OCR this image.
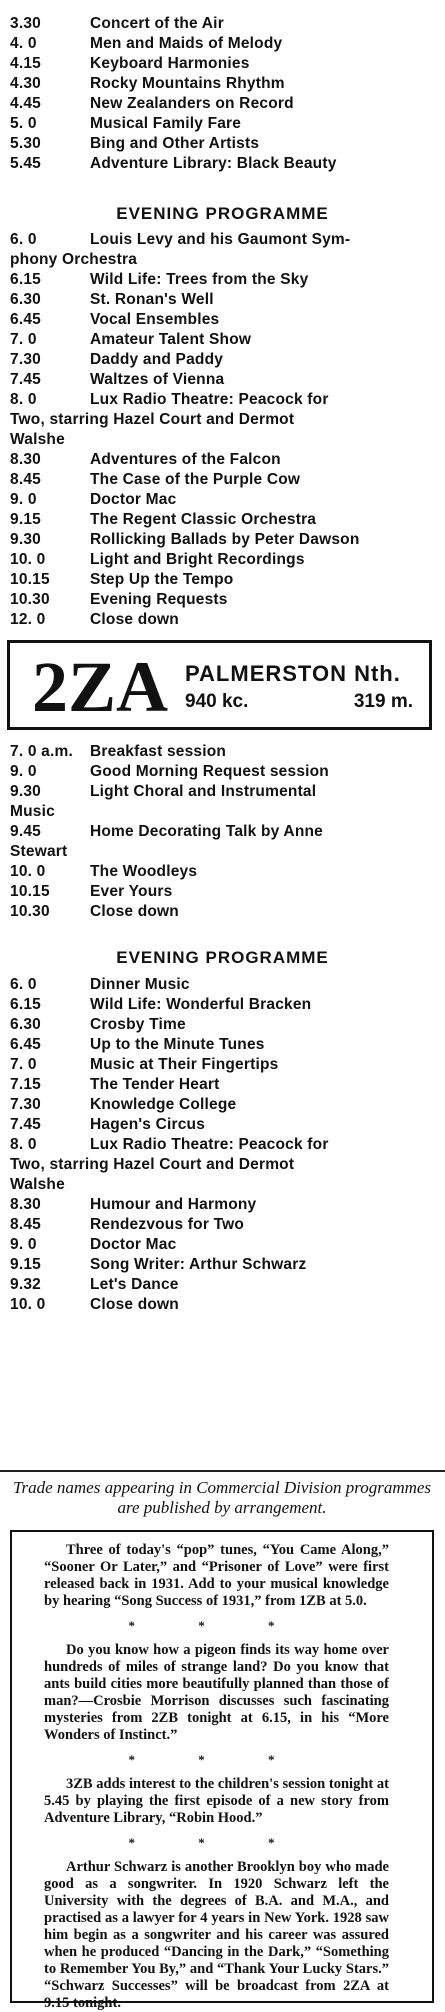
3.30	Concert of the Air
4. 0	Men and Maids of Melody
4.15	Keyboard Harmonies
4.30	Rocky Mountains Rhythm
4.45	New Zealanders on Record
5. 0	Musical Family Fare
5.30	Bing and Other Artists
5.45	Adventure Library: Black Beauty
EVENING PROGRAMME
6. 0	Louis Levy and his Gaumont Sym-
phony Orchestra
6.15	Wild Life: Trees from the Sky
6.30	St. Ronan's Well
6.45	Vocal Ensembles
7. 0	Amateur Talent Show
7.30	Daddy and Paddy
7.45	Waltzes of Vienna
8. 0	Lux Radio Theatre: Peacock for
Two, starring Hazel Court and Dermot
Walshe
8.30	Adventures of the Falcon
8.45	The Case of the Purple Cow
9. 0	Doctor Mac
9.15	The Regent Classic Orchestra
9.30	Rollicking Ballads by Peter Dawson
10. 0	Light and Bright Recordings
10.15	Step Up the Tempo
10.30	Evening Requests
12. 0	Close down
2ZA PALMERSTON Nth.
940 kc.	319 m.
7. 0 a.m.	Breakfast session
9. 0	Good Morning Request session
9.30	Light Choral and Instrumental
Music
9.45	Home Decorating Talk by Anne
Stewart
10. 0	The Woodleys
10.15	Ever Yours
10.30	Close down
EVENING PROGRAMME
6. 0	Dinner Music
6.15	Wild Life: Wonderful Bracken
6.30	Crosby Time
6.45	Up to the Minute Tunes
7. 0	Music at Their Fingertips
7.15	The Tender Heart
7.30	Knowledge College
7.45	Hagen's Circus
8. 0	Lux Radio Theatre: Peacock for
Two, starring Hazel Court and Dermot
Walshe
8.30	Humour and Harmony
8.45	Rendezvous for Two
9. 0	Doctor Mac
9.15	Song Writer: Arthur Schwarz
9.32	Let's Dance
10. 0	Close down
Trade names appearing in Commercial Division programmes are published by arrangement.

Three of today's “pop” tunes, “You Came Along,” “Sooner Or Later,” and “Prisoner of Love” were first released back in 1931. Add to your musical knowledge by hearing “Song Success of 1931,” from 1ZB at 5.0.

* * *

Do you know how a pigeon finds its way home over hundreds of miles of strange land? Do you know that ants build cities more beautifully planned than those of man?—Crosbie Morrison discusses such fascinating mysteries from 2ZB tonight at 6.15, in his “More Wonders of Instinct.”

* * *

3ZB adds interest to the children's session tonight at 5.45 by playing the first episode of a new story from Adventure Library, “Robin Hood.”

* * *

Arthur Schwarz is another Brooklyn boy who made good as a songwriter. In 1920 Schwarz left the University with the degrees of B.A. and M.A., and practised as a lawyer for 4 years in New York. 1928 saw him begin as a songwriter and his career was assured when he produced “Dancing in the Dark,” “Something to Remember You By,” and “Thank Your Lucky Stars.” “Schwarz Successes” will be broadcast from 2ZA at 9.15 tonight.
